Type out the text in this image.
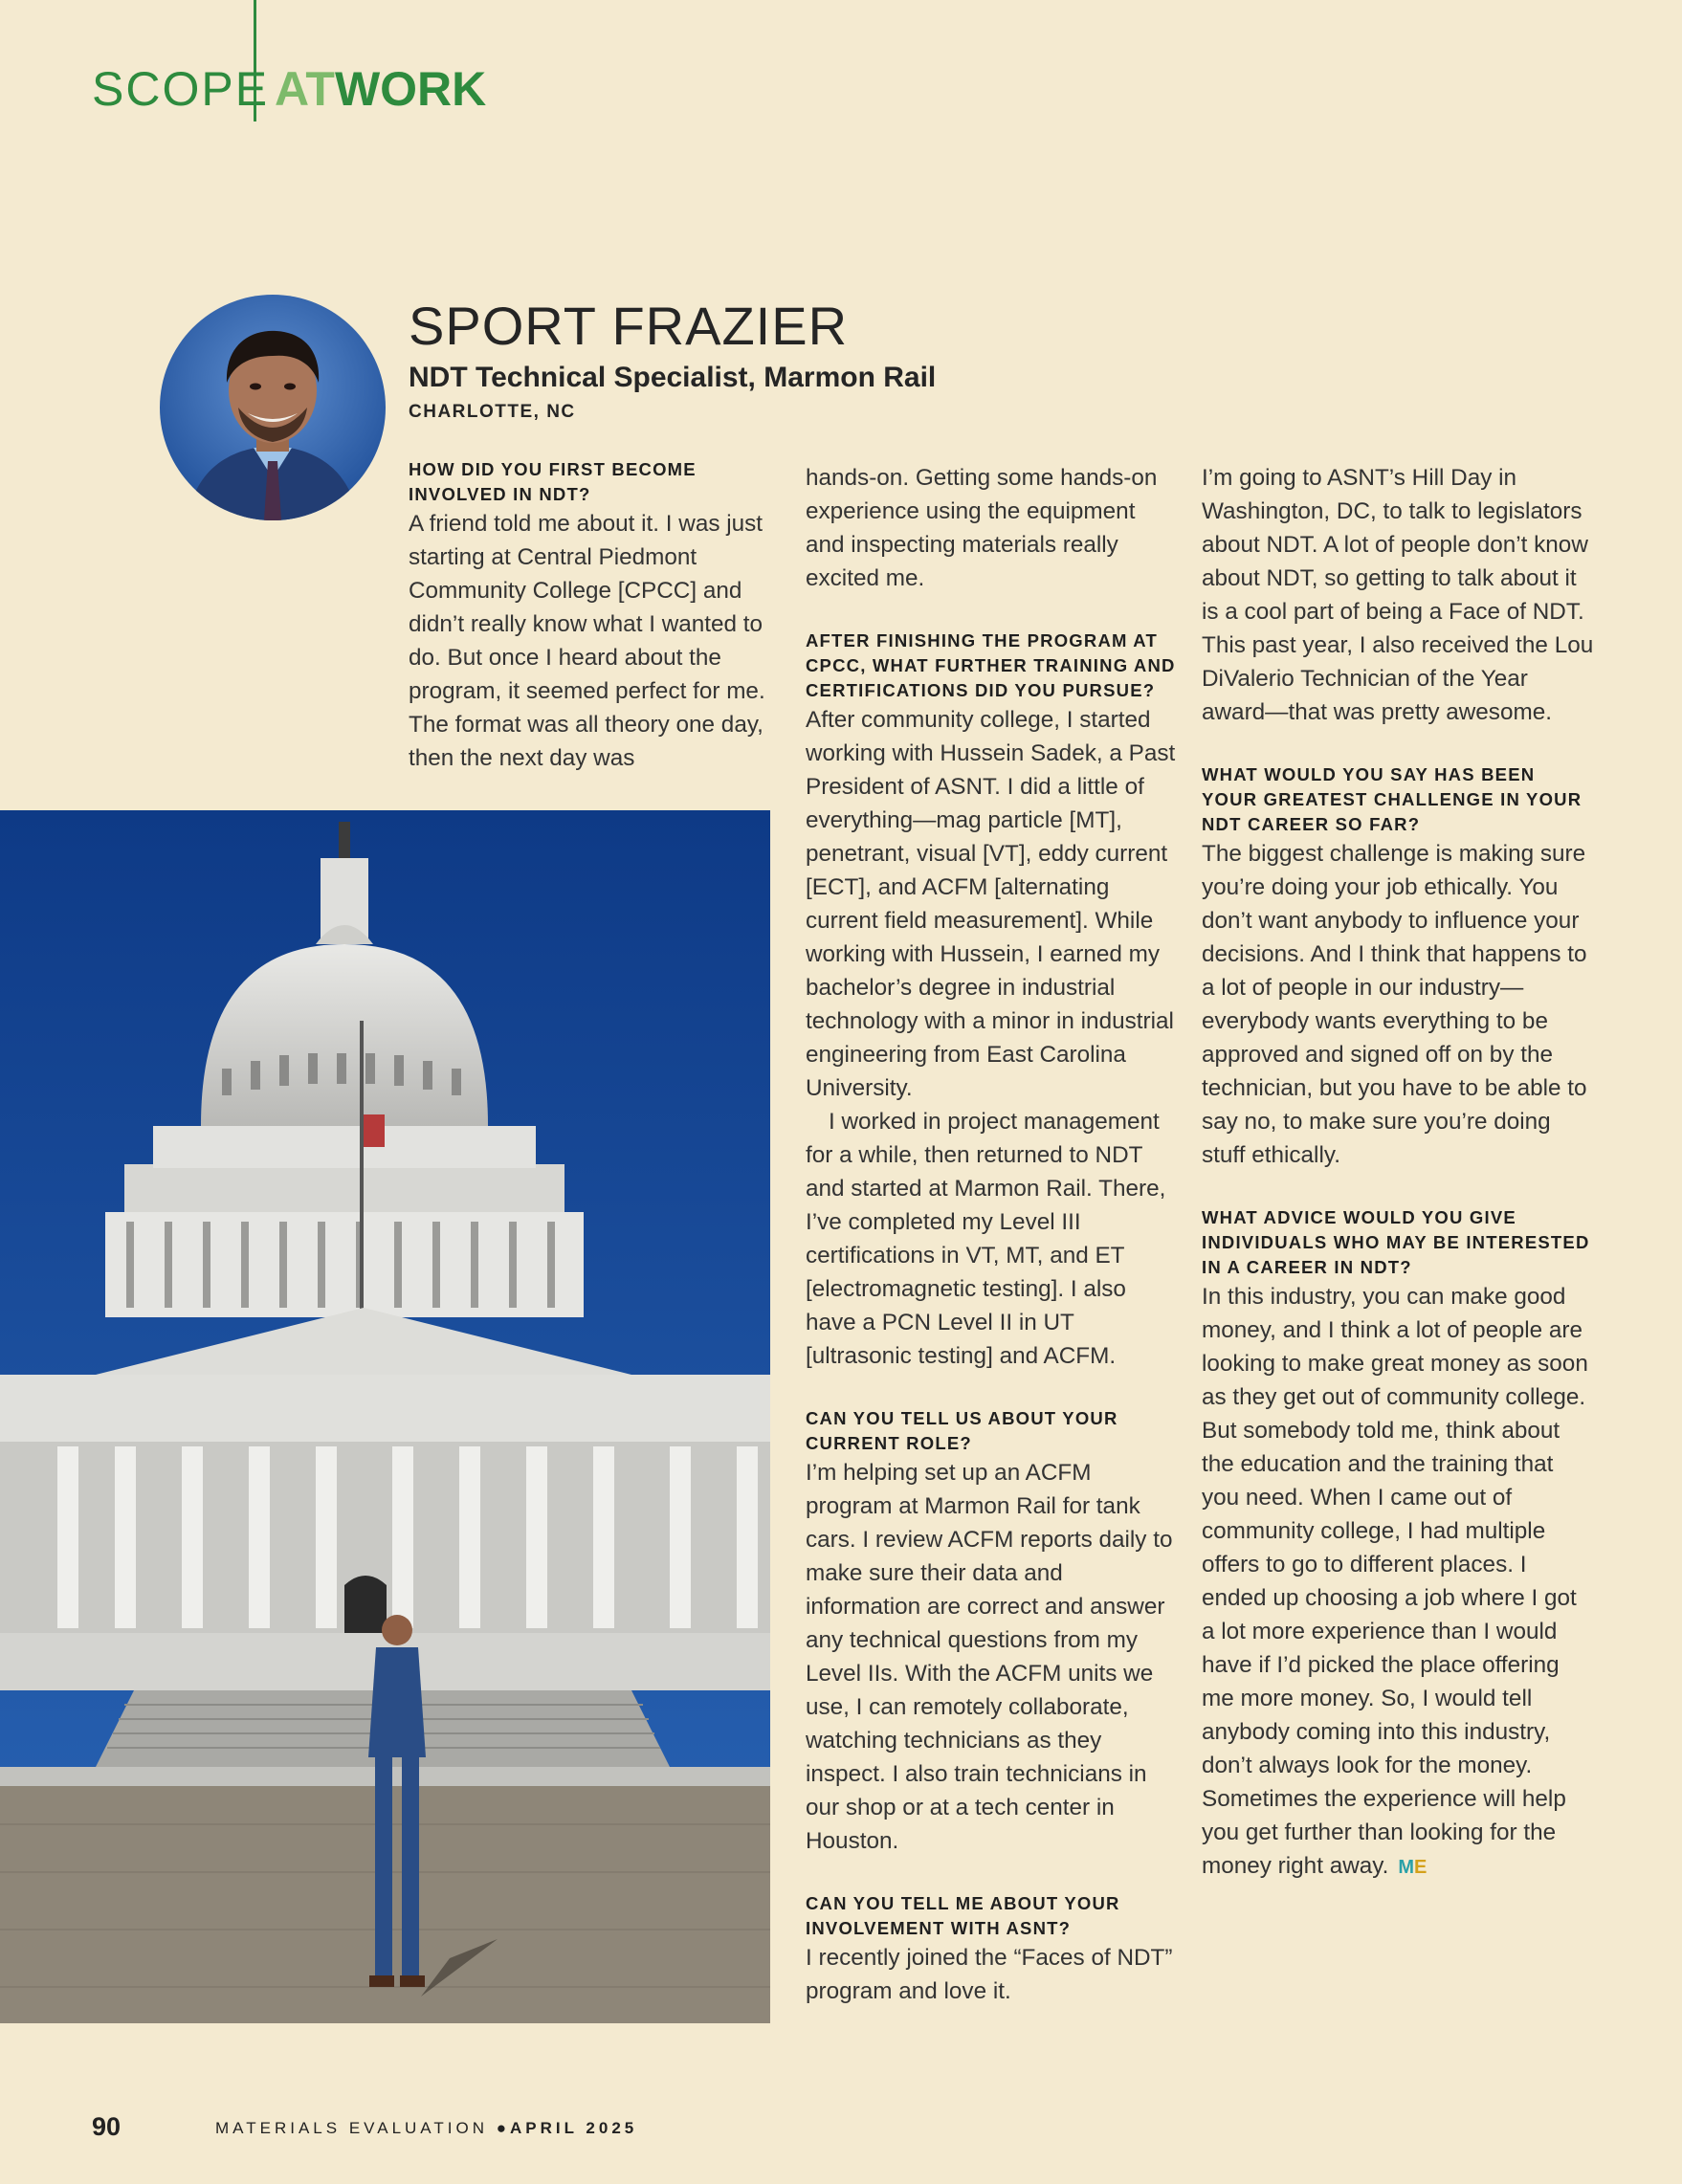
SCOPE ATWORK
SPORT FRAZIER
NDT Technical Specialist, Marmon Rail
CHARLOTTE, NC

HOW DID YOU FIRST BECOME INVOLVED IN NDT?

A friend told me about it. I was just starting at Central Piedmont Community College [CPCC] and didn’t really know what I wanted to do. But once I heard about the program, it seemed perfect for me. The format was all theory one day, then the next day was

hands-on. Getting some hands-on experience using the equipment and inspecting materials really excited me.

AFTER FINISHING THE PROGRAM AT CPCC, WHAT FURTHER TRAINING AND CERTIFICATIONS DID YOU PURSUE?

After community college, I started working with Hussein Sadek, a Past President of ASNT. I did a little of everything—mag particle [MT], penetrant, visual [VT], eddy current [ECT], and ACFM [alternating current field measurement]. While working with Hussein, I earned my bachelor’s degree in industrial technology with a minor in industrial engineering from East Carolina University.

I worked in project management for a while, then returned to NDT and started at Marmon Rail. There, I’ve completed my Level III certifications in VT, MT, and ET [electromagnetic testing]. I also have a PCN Level II in UT [ultrasonic testing] and ACFM.

CAN YOU TELL US ABOUT YOUR CURRENT ROLE?

I’m helping set up an ACFM program at Marmon Rail for tank cars. I review ACFM reports daily to make sure their data and information are correct and answer any technical questions from my Level IIs. With the ACFM units we use, I can remotely collaborate, watching technicians as they inspect. I also train technicians in our shop or at a tech center in Houston.

CAN YOU TELL ME ABOUT YOUR INVOLVEMENT WITH ASNT?

I recently joined the “Faces of NDT” program and love it.

I’m going to ASNT’s Hill Day in Washington, DC, to talk to legislators about NDT. A lot of people don’t know about NDT, so getting to talk about it is a cool part of being a Face of NDT. This past year, I also received the Lou DiValerio Technician of the Year award—that was pretty awesome.

WHAT WOULD YOU SAY HAS BEEN YOUR GREATEST CHALLENGE IN YOUR NDT CAREER SO FAR?

The biggest challenge is making sure you’re doing your job ethically. You don’t want anybody to influence your decisions. And I think that happens to a lot of people in our industry—everybody wants everything to be approved and signed off on by the technician, but you have to be able to say no, to make sure you’re doing stuff ethically.

WHAT ADVICE WOULD YOU GIVE INDIVIDUALS WHO MAY BE INTERESTED IN A CAREER IN NDT?

In this industry, you can make good money, and I think a lot of people are looking to make great money as soon as they get out of community college. But somebody told me, think about the education and the training that you need. When I came out of community college, I had multiple offers to go to different places. I ended up choosing a job where I got a lot more experience than I would have if I’d picked the place offering me more money. So, I would tell anybody coming into this industry, don’t always look for the money. Sometimes the experience will help you get further than looking for the money right away. ME

90	MATERIALS EVALUATION ●APRIL 2025
